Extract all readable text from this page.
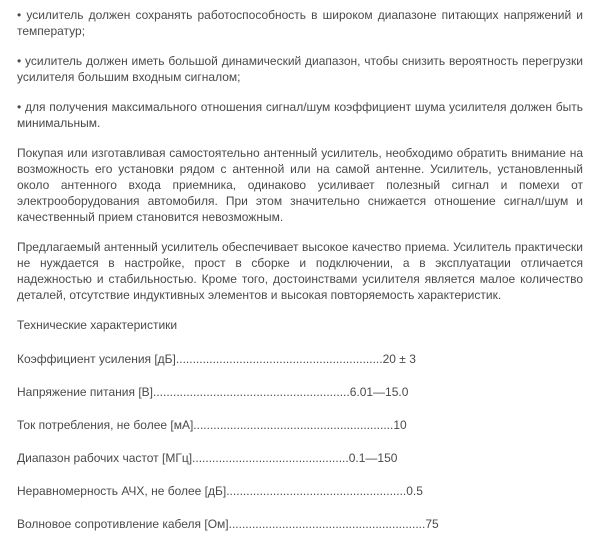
• усилитель должен сохранять работоспособность в широком диапазоне питающих напряжений и температур;

• усилитель должен иметь большой динамический диапазон, чтобы снизить вероятность перегрузки усилителя большим входным сигналом;

• для получения максимального отношения сигнал/шум коэффициент шума усилителя должен быть минимальным.

Покупая или изготавливая самостоятельно антенный усилитель, необходимо обратить внимание на возможность его установки рядом с антенной или на самой антенне. Усилитель, установленный около антенного входа приемника, одинаково усиливает полезный сигнал и помехи от электрооборудования автомобиля. При этом значительно снижается отношение сигнал/шум и качественный прием становится невозможным.

Предлагаемый антенный усилитель обеспечивает высокое качество приема. Усилитель практически не нуждается в настройке, прост в сборке и подключении, а в эксплуатации отличается надежностью и стабильностью. Кроме того, достоинствами усилителя является малое количество деталей, отсутствие индуктивных элементов и высокая повторяемость характеристик.

Технические характеристики

Коэффициент усиления [дБ]..............................................................20 ± 3

Напряжение питания [В]...........................................................6.01—15.0

Ток потребления, не более [мА]............................................................10

Диапазон рабочих частот [МГц]...............................................0.1—150

Неравномерность АЧХ, не более [дБ]......................................................0.5

Волновое сопротивление кабеля [Ом]...........................................................75
